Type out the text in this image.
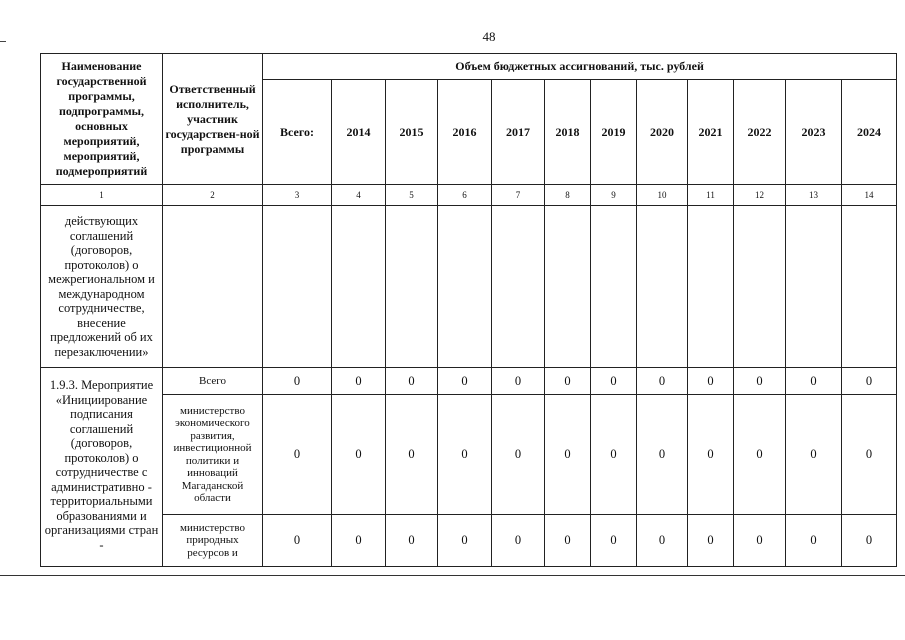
48
Наименование государственной программы, подпрограммы, основных мероприятий, мероприятий, подмероприятий	Ответственный исполнитель, участник государствен-ной программы	Объем бюджетных ассигнований, тыс. рублей											
		Всего:	2014	2015	2016	2017	2018	2019	2020	2021	2022	2023	2024
1	2	3	4	5	6	7	8	9	10	11	12	13	14
действующих соглашений (договоров, протоколов) о межрегиональном и международном сотрудничестве, внесение предложений об их перезаключении»													
1.9.3. Мероприятие «Инициирование подписания соглашений (договоров, протоколов) о сотрудничестве с административно - территориальными образованиями и организациями стран -	Всего	0	0	0	0	0	0	0	0	0	0	0	0
	министерство экономического развития, инвестиционной политики и инноваций Магаданской области	0	0	0	0	0	0	0	0	0	0	0	0
	министерство природных ресурсов и	0	0	0	0	0	0	0	0	0	0	0	0
